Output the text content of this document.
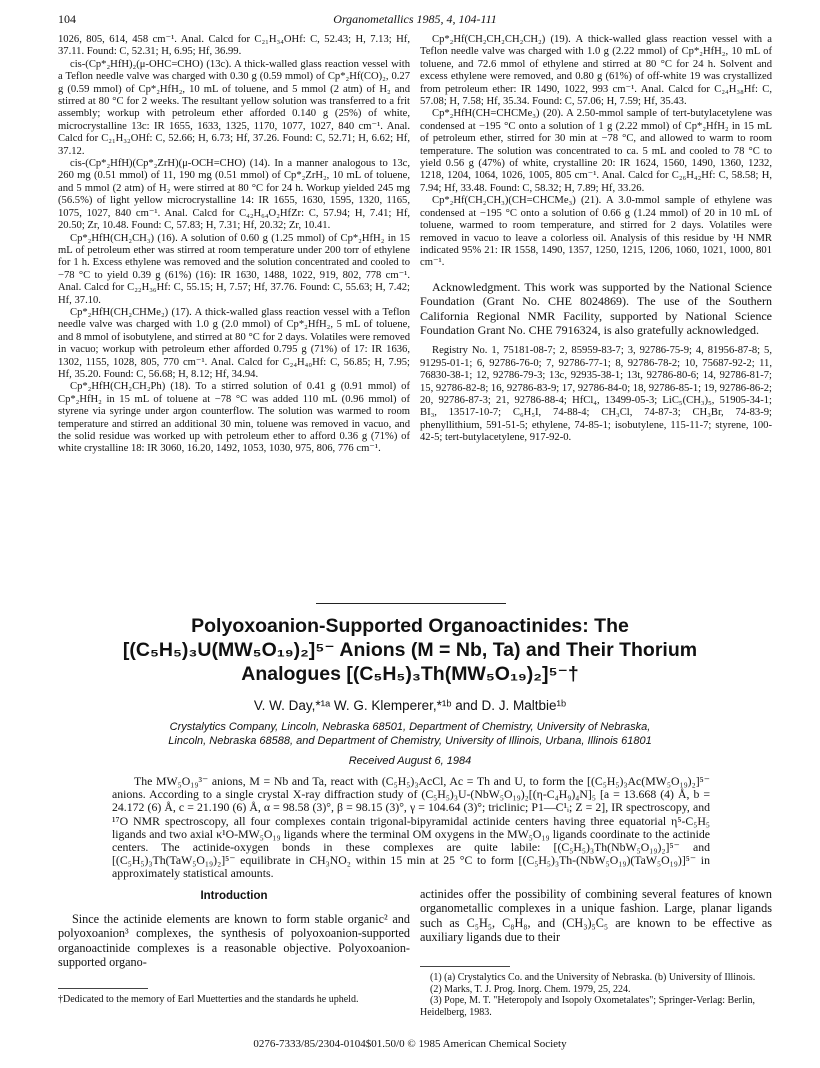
104	Organometallics 1985, 4, 104-111

1026, 805, 614, 458 cm⁻¹. Anal. Calcd for C₂₁H₃₄OHf: C, 52.43; H, 7.13; Hf, 37.11. Found: C, 52.31; H, 6.95; Hf, 36.99.

cis-(Cp*₂HfH)₂(μ-OHC=CHO) (13c). A thick-walled glass reaction vessel with a Teflon needle valve was charged with 0.30 g (0.59 mmol) of Cp*₂Hf(CO)₂, 0.27 g (0.59 mmol) of Cp*₂HfH₂, 10 mL of toluene, and 5 mmol (2 atm) of H₂ and stirred at 80 °C for 2 weeks. The resultant yellow solution was transferred to a frit assembly; workup with petroleum ether afforded 0.140 g (25%) of white, microcrystalline 13c: IR 1655, 1633, 1325, 1170, 1077, 1027, 840 cm⁻¹. Anal. Calcd for C₂₁H₃₂OHf: C, 52.66; H, 6.73; Hf, 37.26. Found: C, 52.71; H, 6.62; Hf, 37.12.

cis-(Cp*₂HfH)(Cp*₂ZrH)(μ-OCH=CHO) (14). In a manner analogous to 13c, 260 mg (0.51 mmol) of 11, 190 mg (0.51 mmol) of Cp*₂ZrH₂, 10 mL of toluene, and 5 mmol (2 atm) of H₂ were stirred at 80 °C for 24 h. Workup yielded 245 mg (56.5%) of light yellow microcrystalline 14: IR 1655, 1630, 1595, 1320, 1165, 1075, 1027, 840 cm⁻¹. Anal. Calcd for C₄₂H₆₄O₂HfZr: C, 57.94; H, 7.41; Hf, 20.50; Zr, 10.48. Found: C, 57.83; H, 7.31; Hf, 20.32; Zr, 10.41.

Cp*₂HfH(CH₂CH₃) (16). A solution of 0.60 g (1.25 mmol) of Cp*₂HfH₂ in 15 mL of petroleum ether was stirred at room temperature under 200 torr of ethylene for 1 h. Excess ethylene was removed and the solution concentrated and cooled to −78 °C to yield 0.39 g (61%) (16): IR 1630, 1488, 1022, 919, 802, 778 cm⁻¹. Anal. Calcd for C₂₂H₃₆Hf: C, 55.15; H, 7.57; Hf, 37.76. Found: C, 55.63; H, 7.42; Hf, 37.10.

Cp*₂HfH(CH₂CHMe₂) (17). A thick-walled glass reaction vessel with a Teflon needle valve was charged with 1.0 g (2.0 mmol) of Cp*₂HfH₂, 5 mL of toluene, and 8 mmol of isobutylene, and stirred at 80 °C for 2 days. Volatiles were removed in vacuo; workup with petroleum ether afforded 0.795 g (71%) of 17: IR 1636, 1302, 1155, 1028, 805, 770 cm⁻¹. Anal. Calcd for C₂₄H₄₀Hf: C, 56.85; H, 7.95; Hf, 35.20. Found: C, 56.68; H, 8.12; Hf, 34.94.

Cp*₂HfH(CH₂CH₂Ph) (18). To a stirred solution of 0.41 g (0.91 mmol) of Cp*₂HfH₂ in 15 mL of toluene at −78 °C was added 110 mL (0.96 mmol) of styrene via syringe under argon counterflow. The solution was warmed to room temperature and stirred an additional 30 min, toluene was removed in vacuo, and the solid residue was worked up with petroleum ether to afford 0.36 g (71%) of white crystalline 18: IR 3060, 16.20, 1492, 1053, 1030, 975, 806, 776 cm⁻¹.

Cp*₂Hf(CH₂CH₂CH₂CH₂) (19). A thick-walled glass reaction vessel with a Teflon needle valve was charged with 1.0 g (2.22 mmol) of Cp*₂HfH₂, 10 mL of toluene, and 72.6 mmol of ethylene and stirred at 80 °C for 24 h. Solvent and excess ethylene were removed, and 0.80 g (61%) of off-white 19 was crystallized from petroleum ether: IR 1490, 1022, 993 cm⁻¹. Anal. Calcd for C₂₄H₃₈Hf: C, 57.08; H, 7.58; Hf, 35.34. Found: C, 57.06; H, 7.59; Hf, 35.43.

Cp*₂HfH(CH=CHCMe₃) (20). A 2.50-mmol sample of tert-butylacetylene was condensed at −195 °C onto a solution of 1 g (2.22 mmol) of Cp*₂HfH₂ in 15 mL of petroleum ether, stirred for 30 min at −78 °C, and allowed to warm to room temperature. The solution was concentrated to ca. 5 mL and cooled to 78 °C to yield 0.56 g (47%) of white, crystalline 20: IR 1624, 1560, 1490, 1360, 1232, 1218, 1204, 1064, 1026, 1005, 805 cm⁻¹. Anal. Calcd for C₂₆H₄₂Hf: C, 58.58; H, 7.94; Hf, 33.48. Found: C, 58.32; H, 7.89; Hf, 33.26.

Cp*₂Hf(CH₂CH₃)(CH=CHCMe₃) (21). A 3.0-mmol sample of ethylene was condensed at −195 °C onto a solution of 0.66 g (1.24 mmol) of 20 in 10 mL of toluene, warmed to room temperature, and stirred for 2 days. Volatiles were removed in vacuo to leave a colorless oil. Analysis of this residue by ¹H NMR indicated 95% 21: IR 1558, 1490, 1357, 1250, 1215, 1206, 1060, 1021, 1000, 801 cm⁻¹.

Acknowledgment. This work was supported by the National Science Foundation (Grant No. CHE 8024869). The use of the Southern California Regional NMR Facility, supported by National Science Foundation Grant No. CHE 7916324, is also gratefully acknowledged.

Registry No. 1, 75181-08-7; 2, 85959-83-7; 3, 92786-75-9; 4, 81956-87-8; 5, 91295-01-1; 6, 92786-76-0; 7, 92786-77-1; 8, 92786-78-2; 10, 75687-92-2; 11, 76830-38-1; 12, 92786-79-3; 13c, 92935-38-1; 13t, 92786-80-6; 14, 92786-81-7; 15, 92786-82-8; 16, 92786-83-9; 17, 92786-84-0; 18, 92786-85-1; 19, 92786-86-2; 20, 92786-87-3; 21, 92786-88-4; HfCl₄, 13499-05-3; LiC₅(CH₃)₅, 51905-34-1; BI₃, 13517-10-7; C₆H₅I, 74-88-4; CH₃Cl, 74-87-3; CH₃Br, 74-83-9; phenyllithium, 591-51-5; ethylene, 74-85-1; isobutylene, 115-11-7; styrene, 100-42-5; tert-butylacetylene, 917-92-0.

Polyoxoanion-Supported Organoactinides: The
[(C₅H₅)₃U(MW₅O₁₉)₂]⁵⁻ Anions (M = Nb, Ta) and Their Thorium
Analogues [(C₅H₅)₃Th(MW₅O₁₉)₂]⁵⁻†
V. W. Day,*¹ᵃ W. G. Klemperer,*¹ᵇ and D. J. Maltbie¹ᵇ
Crystalytics Company, Lincoln, Nebraska 68501, Department of Chemistry, University of Nebraska,
Lincoln, Nebraska 68588, and Department of Chemistry, University of Illinois, Urbana, Illinois 61801
Received August 6, 1984
The MW₅O₁₉³⁻ anions, M = Nb and Ta, react with (C₅H₅)₃AcCl, Ac = Th and U, to form the [(C₅H₅)₃Ac(MW₅O₁₉)₂]⁵⁻ anions. According to a single crystal X-ray diffraction study of (C₅H₅)₃U-(NbW₅O₁₉)₂[(η-C₄H₉)₄N]₅ [a = 13.668 (4) Å, b = 24.172 (6) Å, c = 21.190 (6) Å, α = 98.58 (3)°, β = 98.15 (3)°, γ = 104.64 (3)°; triclinic; P1—C¹ᵢ; Z = 2], IR spectroscopy, and ¹⁷O NMR spectroscopy, all four complexes contain trigonal-bipyramidal actinide centers having three equatorial η⁵-C₅H₅ ligands and two axial κ¹O-MW₅O₁₉ ligands where the terminal OM oxygens in the MW₅O₁₉ ligands coordinate to the actinide centers. The actinide-oxygen bonds in these complexes are quite labile: [(C₅H₅)₃Th(NbW₅O₁₉)₂]⁵⁻ and [(C₅H₅)₃Th(TaW₅O₁₉)₂]⁵⁻ equilibrate in CH₃NO₂ within 15 min at 25 °C to form [(C₅H₅)₃Th-(NbW₅O₁₉)(TaW₅O₁₉)]⁵⁻ in approximately statistical amounts.
Introduction
Since the actinide elements are known to form stable organic² and polyoxoanion³ complexes, the synthesis of polyoxoanion-supported organoactinide complexes is a reasonable objective. Polyoxoanion-supported organo-
actinides offer the possibility of combining several features of known organometallic complexes in a unique fashion. Large, planar ligands such as C₅H₅, C₈H₈, and (CH₃)₅C₅ are known to be effective as auxiliary ligands due to their
†Dedicated to the memory of Earl Muetterties and the standards he upheld.

(1) (a) Crystalytics Co. and the University of Nebraska. (b) University of Illinois.

(2) Marks, T. J. Prog. Inorg. Chem. 1979, 25, 224.

(3) Pope, M. T. "Heteropoly and Isopoly Oxometalates"; Springer-Verlag: Berlin, Heidelberg, 1983.

0276-7333/85/2304-0104$01.50/0 © 1985 American Chemical Society
